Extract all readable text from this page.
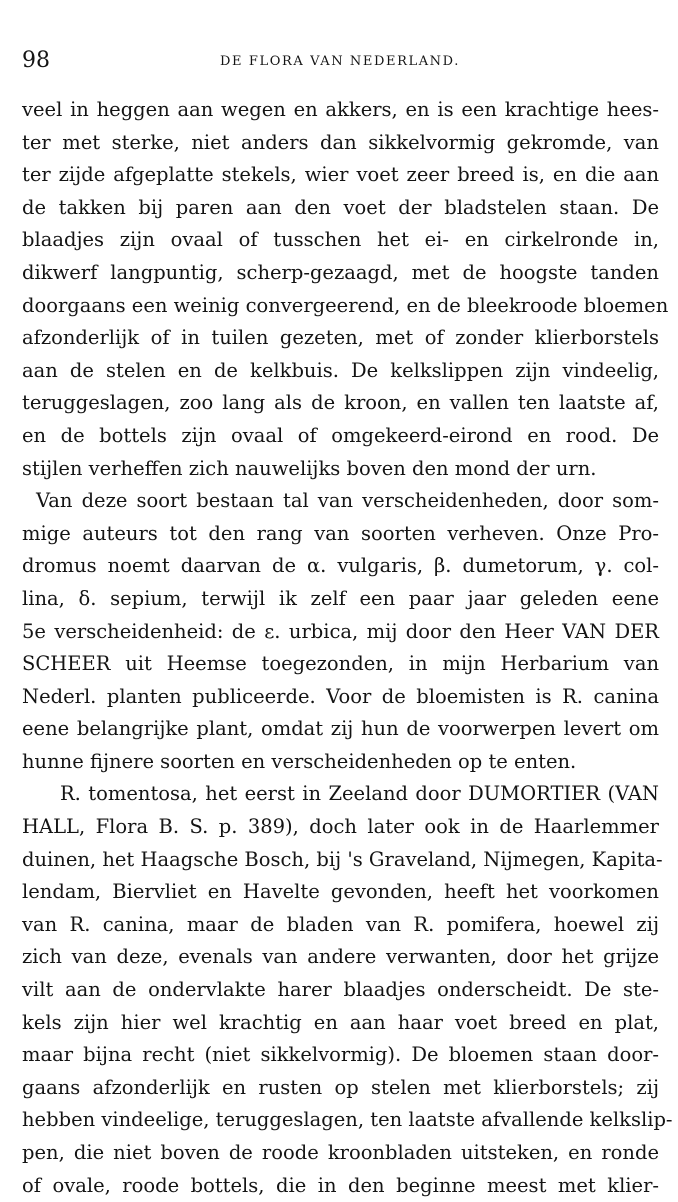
98	DE FLORA VAN NEDERLAND.
veel in heggen aan wegen en akkers, en is een krachtige hees-
ter met sterke, niet anders dan sikkelvormig gekromde, van
ter zijde afgeplatte stekels, wier voet zeer breed is, en die aan
de takken bij paren aan den voet der bladstelen staan. De
blaadjes zijn ovaal of tusschen het ei- en cirkelronde in,
dikwerf langpuntig, scherp-gezaagd, met de hoogste tanden
doorgaans een weinig convergeerend, en de bleekroode bloemen
afzonderlijk of in tuilen gezeten, met of zonder klierborstels
aan de stelen en de kelkbuis. De kelkslippen zijn vindeelig,
teruggeslagen, zoo lang als de kroon, en vallen ten laatste af,
en de bottels zijn ovaal of omgekeerd-eirond en rood. De
stijlen verheffen zich nauwelijks boven den mond der urn.
Van deze soort bestaan tal van verscheidenheden, door som-
mige auteurs tot den rang van soorten verheven. Onze Pro-
dromus noemt daarvan de α. vulgaris, β. dumetorum, γ. col-
lina, δ. sepium, terwijl ik zelf een paar jaar geleden eene
5e verscheidenheid: de ε. urbica, mij door den Heer VAN DER
SCHEER uit Heemse toegezonden, in mijn Herbarium van
Nederl. planten publiceerde. Voor de bloemisten is R. canina
eene belangrijke plant, omdat zij hun de voorwerpen levert om
hunne fijnere soorten en verscheidenheden op te enten.
R. tomentosa, het eerst in Zeeland door DUMORTIER (VAN
HALL, Flora B. S. p. 389), doch later ook in de Haarlemmer
duinen, het Haagsche Bosch, bij 's Graveland, Nijmegen, Kapita-
lendam, Biervliet en Havelte gevonden, heeft het voorkomen
van R. canina, maar de bladen van R. pomifera, hoewel zij
zich van deze, evenals van andere verwanten, door het grijze
vilt aan de ondervlakte harer blaadjes onderscheidt. De ste-
kels zijn hier wel krachtig en aan haar voet breed en plat,
maar bijna recht (niet sikkelvormig). De bloemen staan door-
gaans afzonderlijk en rusten op stelen met klierborstels; zij
hebben vindeelige, teruggeslagen, ten laatste afvallende kelkslip-
pen, die niet boven de roode kroonbladen uitsteken, en ronde
of ovale, roode bottels, die in den beginne meest met klier-
